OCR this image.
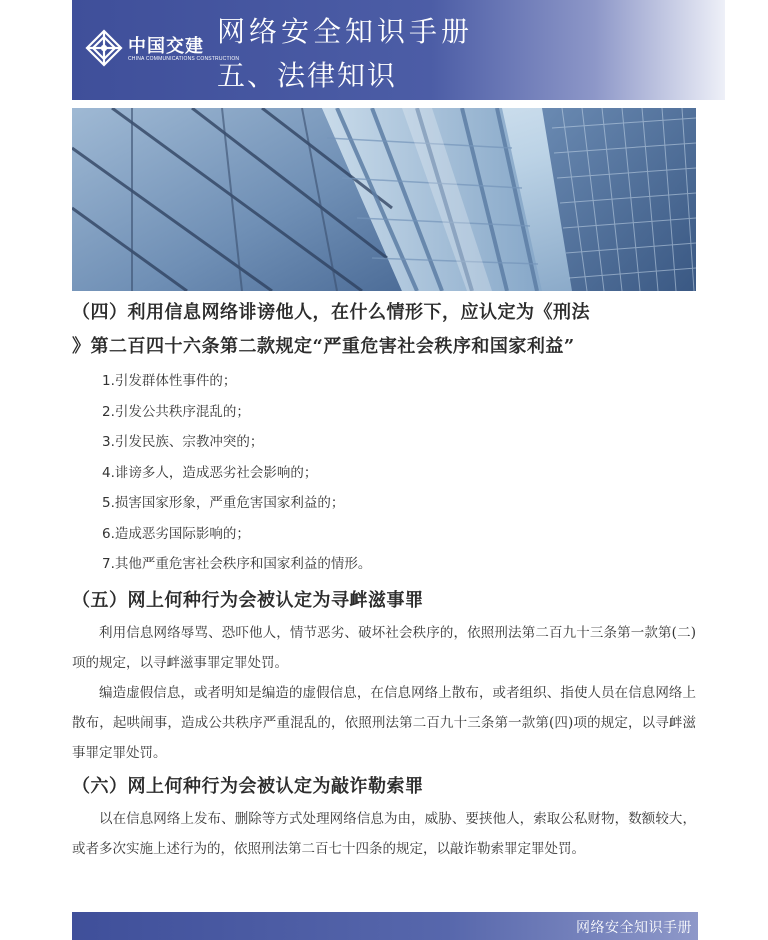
中国交建
CHINA COMMUNICATIONS CONSTRUCTION
网络安全知识手册
五、法律知识

（四）利用信息网络诽谤他人，在什么情形下，应认定为《刑法

》第二百四十六条第二款规定“严重危害社会秩序和国家利益”

1.引发群体性事件的；
2.引发公共秩序混乱的；
3.引发民族、宗教冲突的；
4.诽谤多人，造成恶劣社会影响的；
5.损害国家形象，严重危害国家利益的；
6.造成恶劣国际影响的；
7.其他严重危害社会秩序和国家利益的情形。

（五）网上何种行为会被认定为寻衅滋事罪

利用信息网络辱骂、恐吓他人，情节恶劣、破坏社会秩序的，依照刑法第二百九十三条第一款第(二)项的规定，以寻衅滋事罪定罪处罚。

编造虚假信息，或者明知是编造的虚假信息，在信息网络上散布，或者组织、指使人员在信息网络上散布，起哄闹事，造成公共秩序严重混乱的，依照刑法第二百九十三条第一款第(四)项的规定，以寻衅滋事罪定罪处罚。

（六）网上何种行为会被认定为敲诈勒索罪

以在信息网络上发布、删除等方式处理网络信息为由，威胁、要挟他人，索取公私财物，数额较大，或者多次实施上述行为的，依照刑法第二百七十四条的规定，以敲诈勒索罪定罪处罚。

网络安全知识手册
